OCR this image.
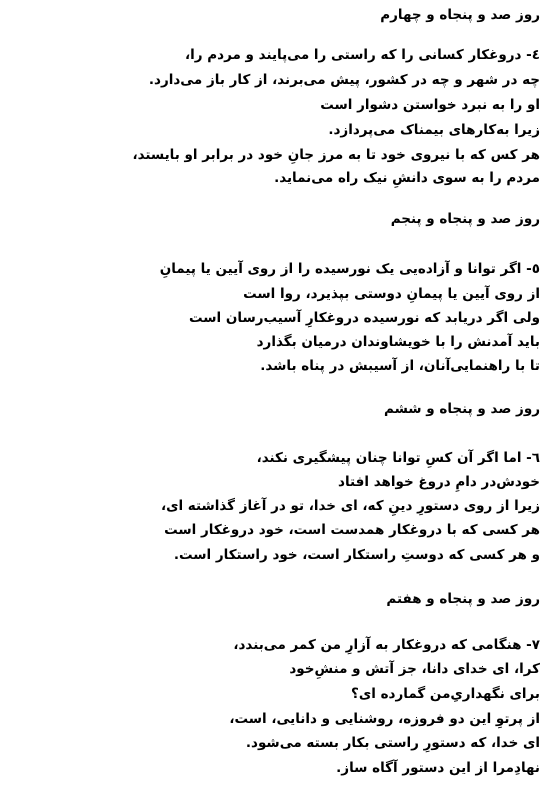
روز صد و پنجاه و چهارم
٤- دروغکار کسانی را که راستی را می‌پایند و مردم را،
چه در شهر و چه در کشور، پیش می‌برند، از کار باز می‌دارد.
او را به نبرد خواستن دشوار است
زیرا به‌کارهای بیمناک می‌پردازد.
هر کس که با نیروی خود تا به مرز جانِ خود در برابر او بایستد،
مردم را به سوی دانشِ نیک راه می‌نماید.
روز صد و پنجاه و پنجم
٥- اگر توانا و آزاده‌یی یک نورسیده را از روی آیین یا پیمانِ
از روی آیین یا پیمانِ دوستی بپذیرد، روا است
ولی اگر دریابد که نورسیده دروغکارِ آسیب‌رسان است
باید آمدنش را با خویشاوندان درمیان بگذارد
تا با راهنمایی‌آنان، از آسیبش در پناه باشد.
روز صد و پنجاه و ششم
٦- اما اگر آن کسِ توانا چنان پیشگیری نکند،
خودش‌در دامِ دروغ خواهد افتاد
زیرا از روی دستورِ دینِ که، ای خدا، تو در آغاز گذاشته ای،
هر کسی که با دروغکار همدست است، خود دروغکار است
و هر کسی که دوستِ راستکار است، خود راستکار است.
روز صد و پنجاه و هفتم
٧- هنگامی که دروغکار به آزارِ من کمر می‌بندد،
کرا، ای خدای دانا، جز آتش و منشِ‌خود
برای نگهداریِ‌من گمارده ای؟
از پرتوِ این دو فروزه، روشنایی و دانایی، است،
ای خدا، که دستورِ راستی بکار بسته می‌شود.
نهادِ‌مرا از این دستور آگاه ساز.
